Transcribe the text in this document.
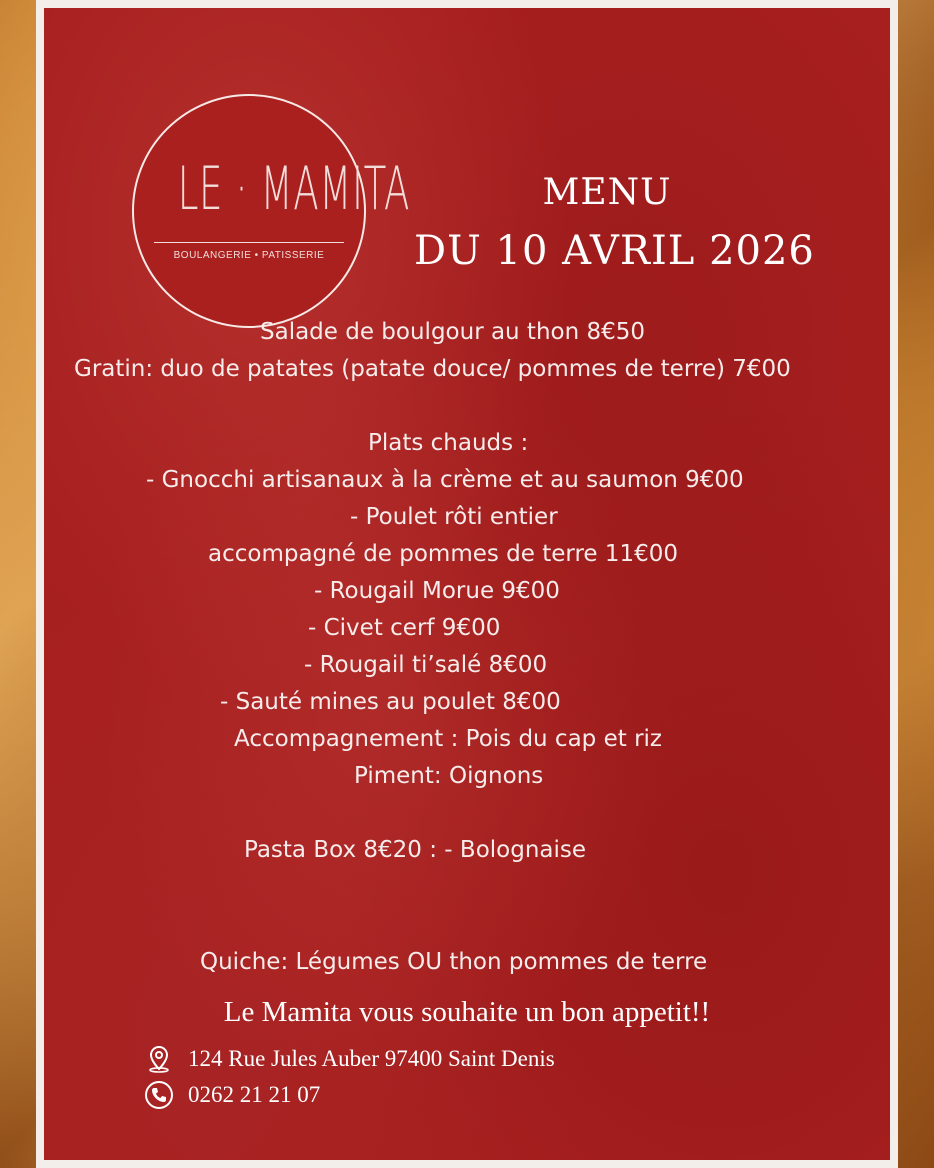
LE · MAMITA
BOULANGERIE • PATISSERIE
MENU
DU 10 AVRIL 2026
Salade de boulgour au thon 8€50
Gratin: duo de patates (patate douce/ pommes de terre) 7€00
Plats chauds :
- Gnocchi artisanaux à la crème et au saumon 9€00
- Poulet rôti entier
accompagné de pommes de terre 11€00
- Rougail Morue 9€00
- Civet cerf 9€00
- Rougail ti’salé 8€00
- Sauté mines au poulet 8€00
Accompagnement : Pois du cap et riz
Piment: Oignons
Pasta Box 8€20 : - Bolognaise
Quiche: Légumes OU thon pommes de terre
Le Mamita vous souhaite un bon appetit!!
124 Rue Jules Auber 97400 Saint Denis
0262 21 21 07
